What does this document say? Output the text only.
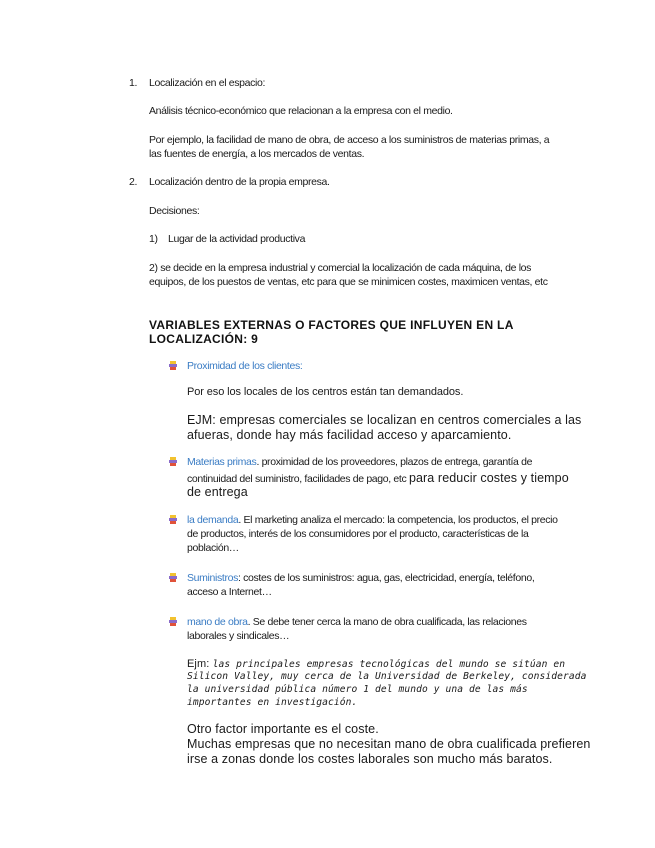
1.	Localización en el espacio:
Análisis técnico-económico que relacionan a la empresa con el medio.
Por ejemplo, la facilidad de mano de obra, de acceso a los suministros de materias primas, a
las fuentes de energía, a los mercados de ventas.
2.	Localización dentro de la propia empresa.
Decisiones:
1) Lugar de la actividad productiva
2) se decide en la empresa industrial y comercial la localización de cada máquina, de los
equipos, de los puestos de ventas, etc para que se minimicen costes, maximicen ventas, etc
VARIABLES EXTERNAS O FACTORES QUE INFLUYEN EN LA
LOCALIZACIÓN: 9
Proximidad de los clientes:
Por eso los locales de los centros están tan demandados.
EJM: empresas comerciales se localizan en centros comerciales a las
afueras, donde hay más facilidad acceso y aparcamiento.
Materias primas. proximidad de los proveedores, plazos de entrega, garantía de
continuidad del suministro, facilidades de pago, etc para reducir costes y tiempo
de entrega
la demanda. El marketing analiza el mercado: la competencia, los productos, el precio
de productos, interés de los consumidores por el producto, características de la
población…
Suministros: costes de los suministros: agua, gas, electricidad, energía, teléfono,
acceso a Internet…
mano de obra. Se debe tener cerca la mano de obra cualificada, las relaciones
laborales y sindicales…
Ejm: las principales empresas tecnológicas del mundo se sitúan en
Silicon Valley, muy cerca de la Universidad de Berkeley, considerada
la universidad pública número 1 del mundo y una de las más
importantes en investigación.
Otro factor importante es el coste.
Muchas empresas que no necesitan mano de obra cualificada prefieren
irse a zonas donde los costes laborales son mucho más baratos.
